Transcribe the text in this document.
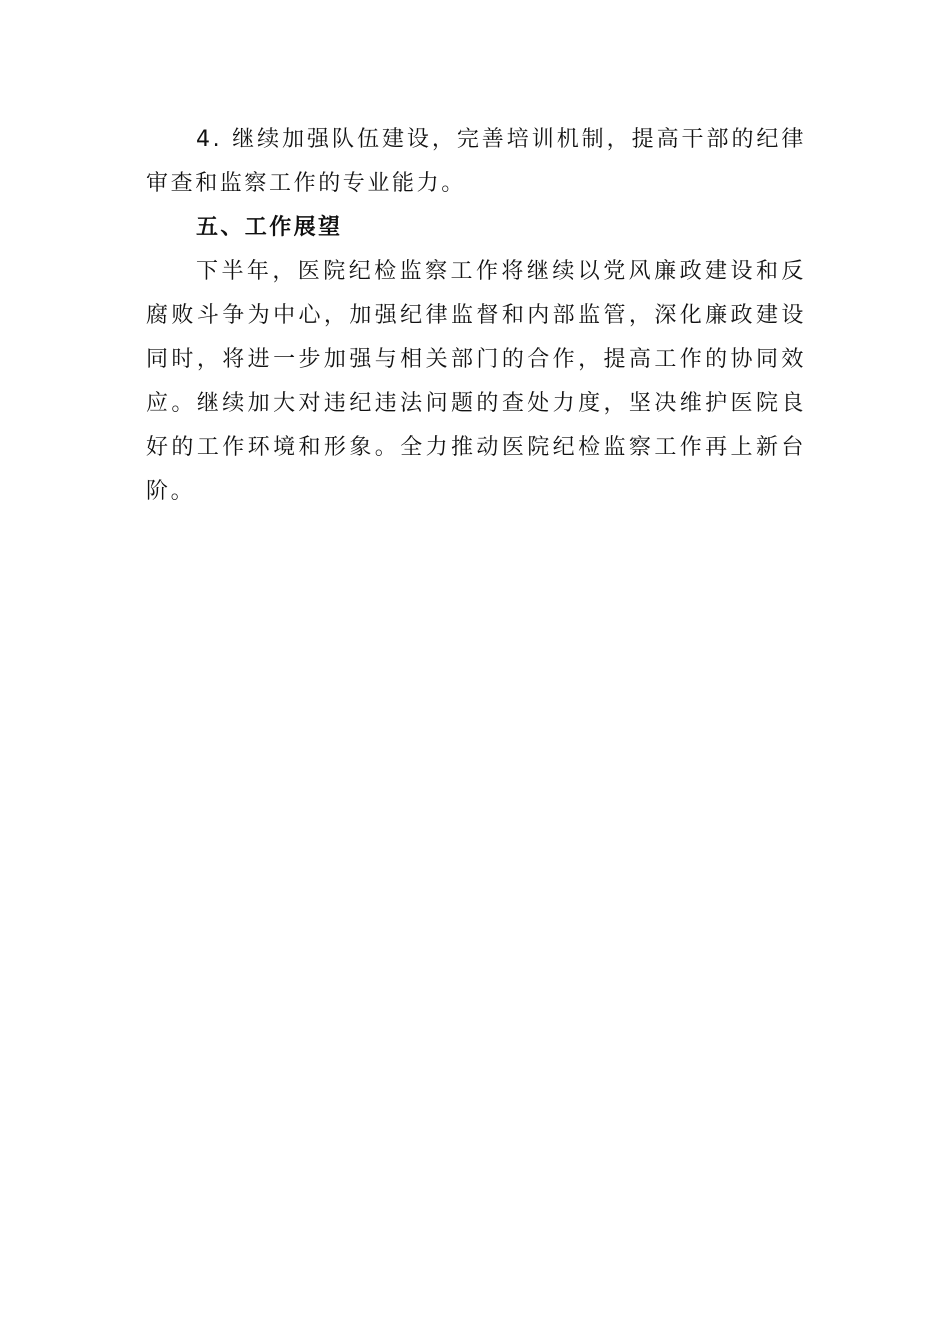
4. 继续加强队伍建设，完善培训机制，提高干部的纪律审查和监察工作的专业能力。

五、工作展望

下半年，医院纪检监察工作将继续以党风廉政建设和反腐败斗争为中心，加强纪律监督和内部监管，深化廉政建设同时，将进一步加强与相关部门的合作，提高工作的协同效应。继续加大对违纪违法问题的查处力度，坚决维护医院良好的工作环境和形象。全力推动医院纪检监察工作再上新台阶。
